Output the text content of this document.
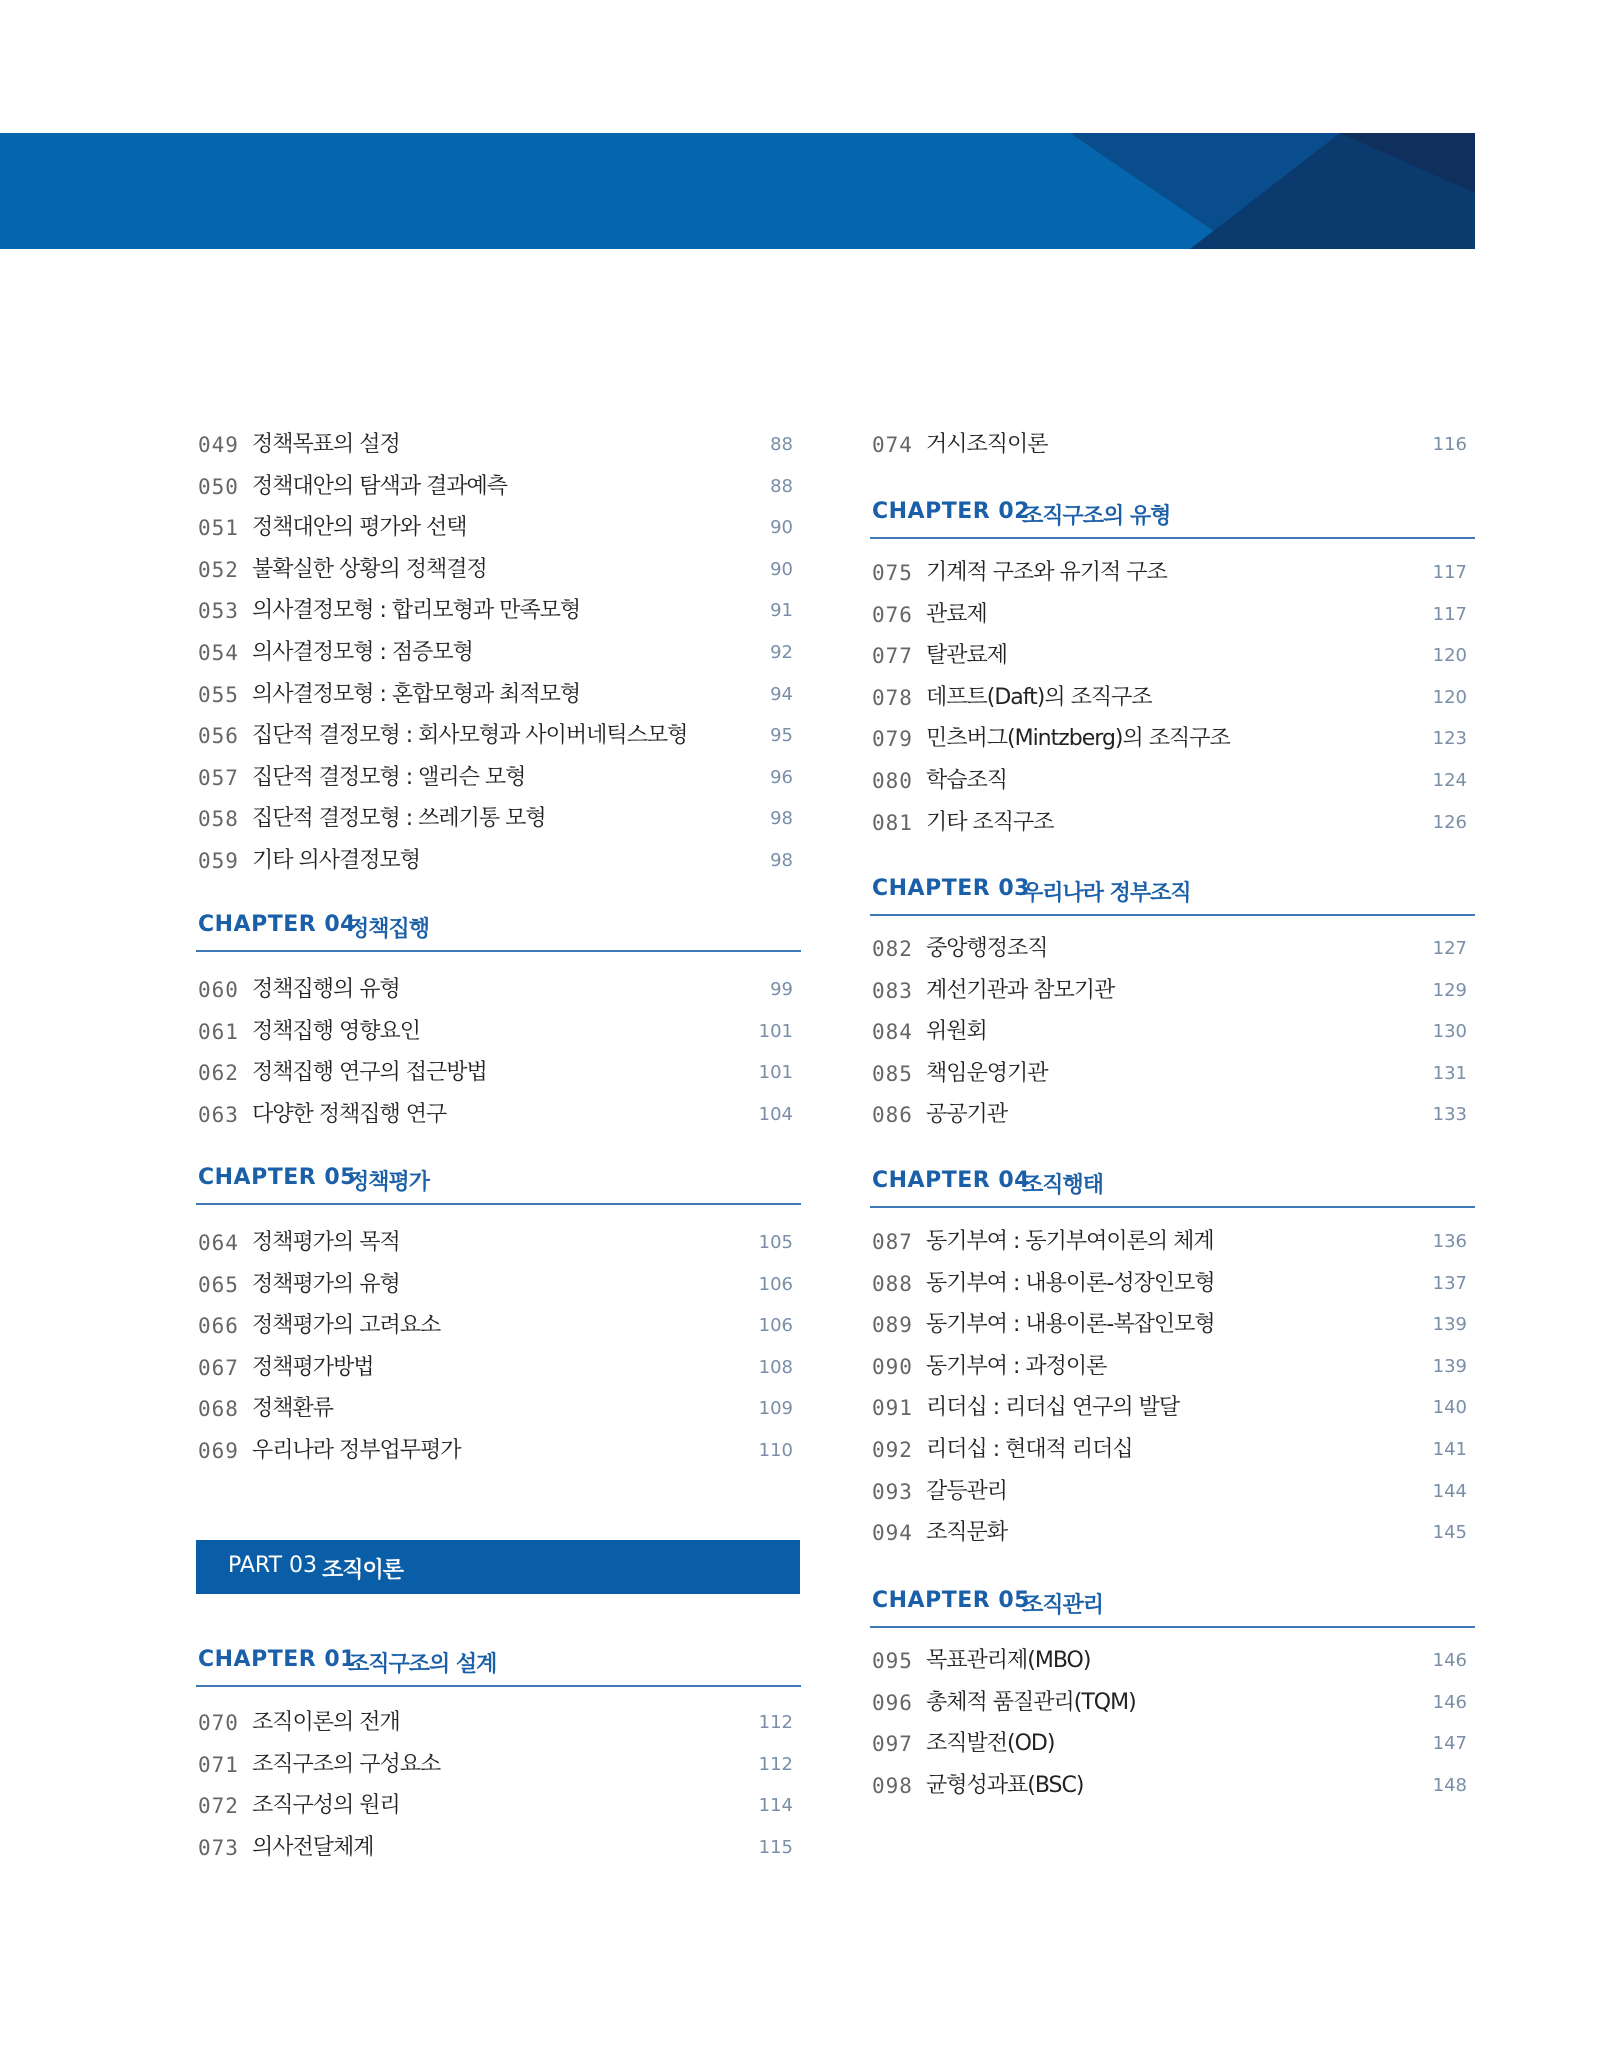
049 정책목표의 설정	88
050 정책대안의 탐색과 결과예측	88
051 정책대안의 평가와 선택	90
052 불확실한 상황의 정책결정	90
053 의사결정모형 : 합리모형과 만족모형	91
054 의사결정모형 : 점증모형	92
055 의사결정모형 : 혼합모형과 최적모형	94
056 집단적 결정모형 : 회사모형과 사이버네틱스모형	95
057 집단적 결정모형 : 앨리슨 모형	96
058 집단적 결정모형 : 쓰레기통 모형	98
059 기타 의사결정모형	98
CHAPTER 04
정책집행
060 정책집행의 유형	99
061 정책집행 영향요인	101
062 정책집행 연구의 접근방법	101
063 다양한 정책집행 연구	104
CHAPTER 05
정책평가
064 정책평가의 목적	105
065 정책평가의 유형	106
066 정책평가의 고려요소	106
067 정책평가방법	108
068 정책환류	109
069 우리나라 정부업무평가	110
PART 03 조직이론
CHAPTER 01
조직구조의 설계
070 조직이론의 전개	112
071 조직구조의 구성요소	112
072 조직구성의 원리	114
073 의사전달체계	115
074 거시조직이론	116
CHAPTER 02
조직구조의 유형
075 기계적 구조와 유기적 구조	117
076 관료제	117
077 탈관료제	120
078 데프트(Daft)의 조직구조	120
079 민츠버그(Mintzberg)의 조직구조	123
080 학습조직	124
081 기타 조직구조	126
CHAPTER 03
우리나라 정부조직
082 중앙행정조직	127
083 계선기관과 참모기관	129
084 위원회	130
085 책임운영기관	131
086 공공기관	133
CHAPTER 04
조직행태
087 동기부여 : 동기부여이론의 체계	136
088 동기부여 : 내용이론-성장인모형	137
089 동기부여 : 내용이론-복잡인모형	139
090 동기부여 : 과정이론	139
091 리더십 : 리더십 연구의 발달	140
092 리더십 : 현대적 리더십	141
093 갈등관리	144
094 조직문화	145
CHAPTER 05
조직관리
095 목표관리제(MBO)	146
096 총체적 품질관리(TQM)	146
097 조직발전(OD)	147
098 균형성과표(BSC)	148
